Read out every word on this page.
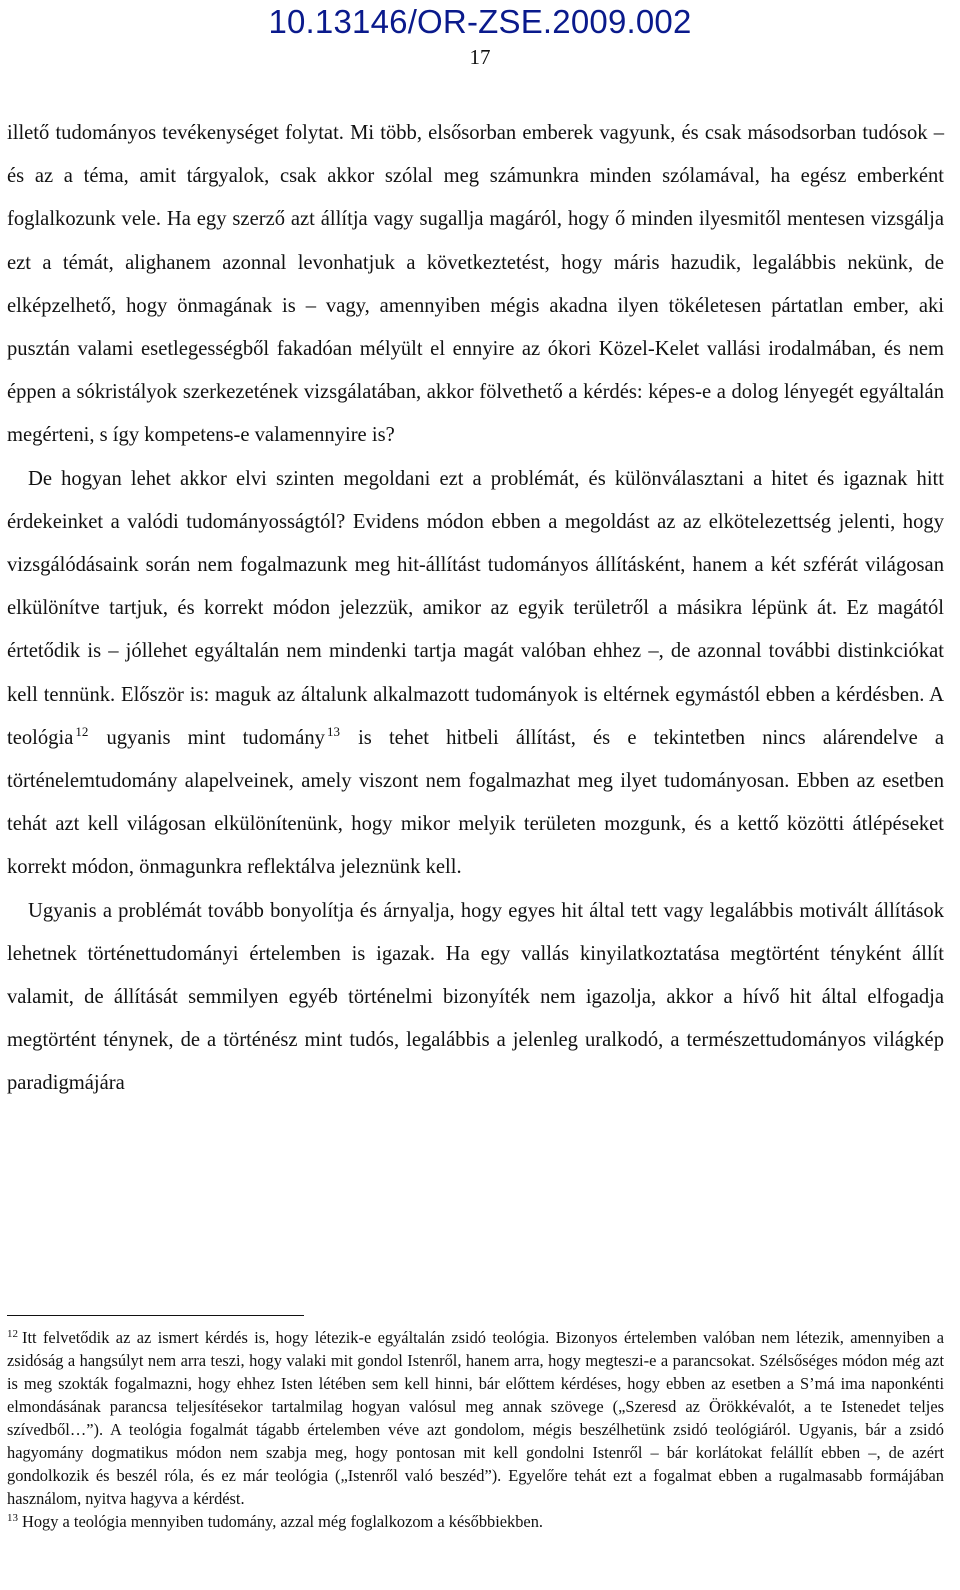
10.13146/OR-ZSE.2009.002
17

illető tudományos tevékenységet folytat. Mi több, elsősorban emberek vagyunk, és csak másodsorban tudósok – és az a téma, amit tárgyalok, csak akkor szólal meg számunkra minden szólamával, ha egész emberként foglalkozunk vele. Ha egy szerző azt állítja vagy sugallja magáról, hogy ő minden ilyesmitől mentesen vizsgálja ezt a témát, alighanem azonnal levonhatjuk a következtetést, hogy máris hazudik, legalábbis nekünk, de elképzelhető, hogy önmagának is – vagy, amennyiben mégis akadna ilyen tökéletesen pártatlan ember, aki pusztán valami esetlegességből fakadóan mélyült el ennyire az ókori Közel-Kelet vallási irodalmában, és nem éppen a sókristályok szerkezetének vizsgálatában, akkor fölvethető a kérdés: képes-e a dolog lényegét egyáltalán megérteni, s így kompetens-e valamennyire is?

De hogyan lehet akkor elvi szinten megoldani ezt a problémát, és különválasztani a hitet és igaznak hitt érdekeinket a valódi tudományosságtól? Evidens módon ebben a megoldást az az elkötelezettség jelenti, hogy vizsgálódásaink során nem fogalmazunk meg hit-állítást tudományos állításként, hanem a két szférát világosan elkülönítve tartjuk, és korrekt módon jelezzük, amikor az egyik területről a másikra lépünk át. Ez magától értetődik is – jóllehet egyáltalán nem mindenki tartja magát valóban ehhez –, de azonnal további distinkciókat kell tennünk. Először is: maguk az általunk alkalmazott tudományok is eltérnek egymástól ebben a kérdésben. A teológia $^{12}$ ugyanis mint tudomány $^{13}$ is tehet hitbeli állítást, és e tekintetben nincs alárendelve a történelemtudomány alapelveinek, amely viszont nem fogalmazhat meg ilyet tudományosan. Ebben az esetben tehát azt kell világosan elkülönítenünk, hogy mikor melyik területen mozgunk, és a kettő közötti átlépéseket korrekt módon, önmagunkra reflektálva jeleznünk kell.

Ugyanis a problémát tovább bonyolítja és árnyalja, hogy egyes hit által tett vagy legalábbis motivált állítások lehetnek történettudományi értelemben is igazak. Ha egy vallás kinyilatkoztatása megtörtént tényként állít valamit, de állítását semmilyen egyéb történelmi bizonyíték nem igazolja, akkor a hívő hit által elfogadja megtörtént ténynek, de a történész mint tudós, legalábbis a jelenleg uralkodó, a természettudományos világkép paradigmájára

$^{12}$ Itt felvetődik az az ismert kérdés is, hogy létezik-e egyáltalán zsidó teológia. Bizonyos értelemben valóban nem létezik, amennyiben a zsidóság a hangsúlyt nem arra teszi, hogy valaki mit gondol Istenről, hanem arra, hogy megteszi-e a parancsokat. Szélsőséges módon még azt is meg szokták fogalmazni, hogy ehhez Isten létében sem kell hinni, bár előttem kérdéses, hogy ebben az esetben a S’má ima naponkénti elmondásának parancsa teljesítésekor tartalmilag hogyan valósul meg annak szövege („Szeresd az Örökkévalót, a te Istenedet teljes szívedből…”). A teológia fogalmát tágabb értelemben véve azt gondolom, mégis beszélhetünk zsidó teológiáról. Ugyanis, bár a zsidó hagyomány dogmatikus módon nem szabja meg, hogy pontosan mit kell gondolni Istenről – bár korlátokat felállít ebben –, de azért gondolkozik és beszél róla, és ez már teológia („Istenről való beszéd”). Egyelőre tehát ezt a fogalmat ebben a rugalmasabb formájában használom, nyitva hagyva a kérdést.

$^{13}$ Hogy a teológia mennyiben tudomány, azzal még foglalkozom a későbbiekben.
